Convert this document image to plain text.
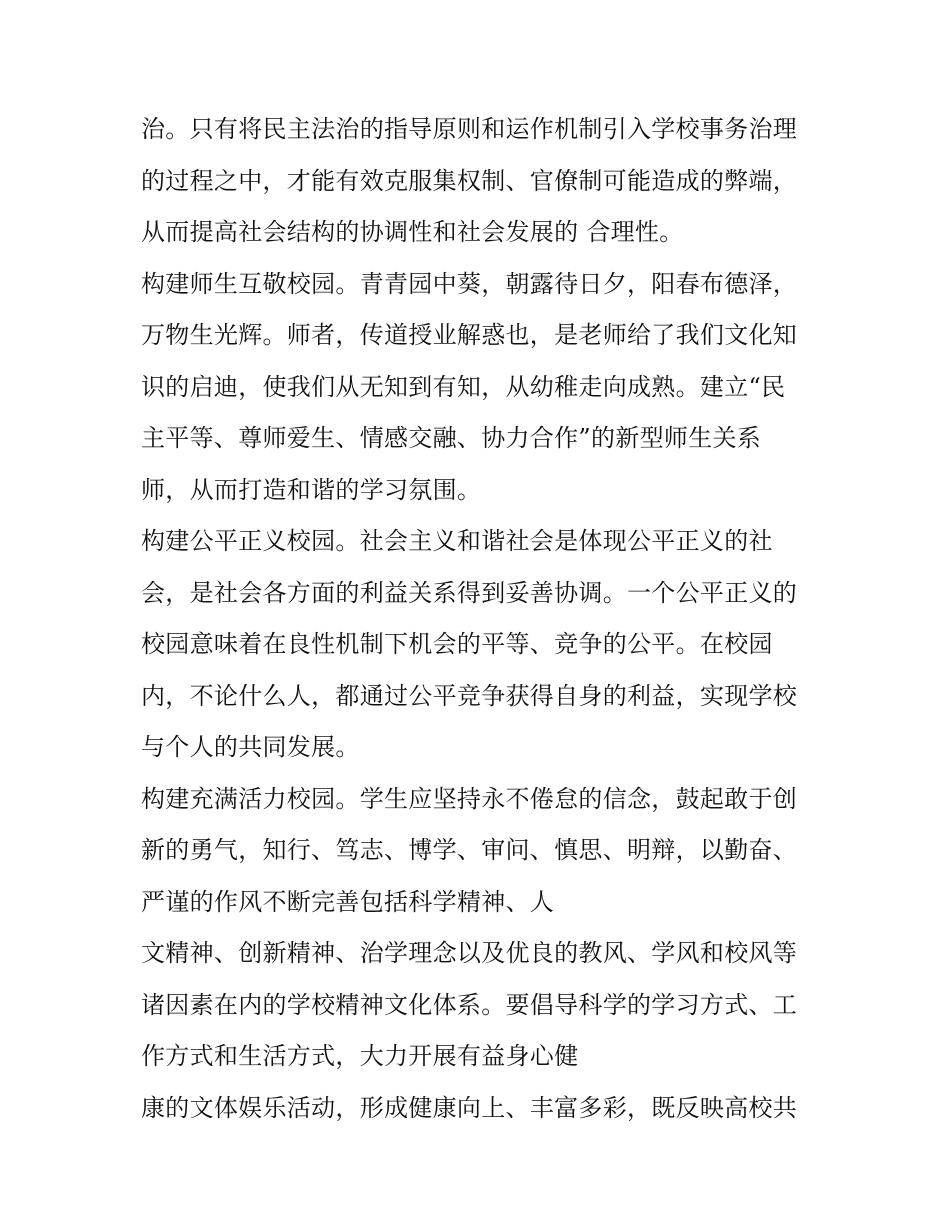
治。只有将民主法治的指导原则和运作机制引入学校事务治理
的过程之中，才能有效克服集权制、官僚制可能造成的弊端，
从而提高社会结构的协调性和社会发展的 合理性。
构建师生互敬校园。青青园中葵，朝露待日夕，阳春布德泽，
万物生光辉。师者，传道授业解惑也，是老师给了我们文化知
识的启迪，使我们从无知到有知，从幼稚走向成熟。建立“民
主平等、尊师爱生、情感交融、协力合作”的新型师生关系
师，从而打造和谐的学习氛围。
构建公平正义校园。社会主义和谐社会是体现公平正义的社
会，是社会各方面的利益关系得到妥善协调。一个公平正义的
校园意味着在良性机制下机会的平等、竞争的公平。在校园
内，不论什么人，都通过公平竞争获得自身的利益，实现学校
与个人的共同发展。
构建充满活力校园。学生应坚持永不倦怠的信念，鼓起敢于创
新的勇气，知行、笃志、博学、审问、慎思、明辩，以勤奋、
严谨的作风不断完善包括科学精神、人
文精神、创新精神、治学理念以及优良的教风、学风和校风等
诸因素在内的学校精神文化体系。要倡导科学的学习方式、工
作方式和生活方式，大力开展有益身心健
康的文体娱乐活动，形成健康向上、丰富多彩，既反映高校共
